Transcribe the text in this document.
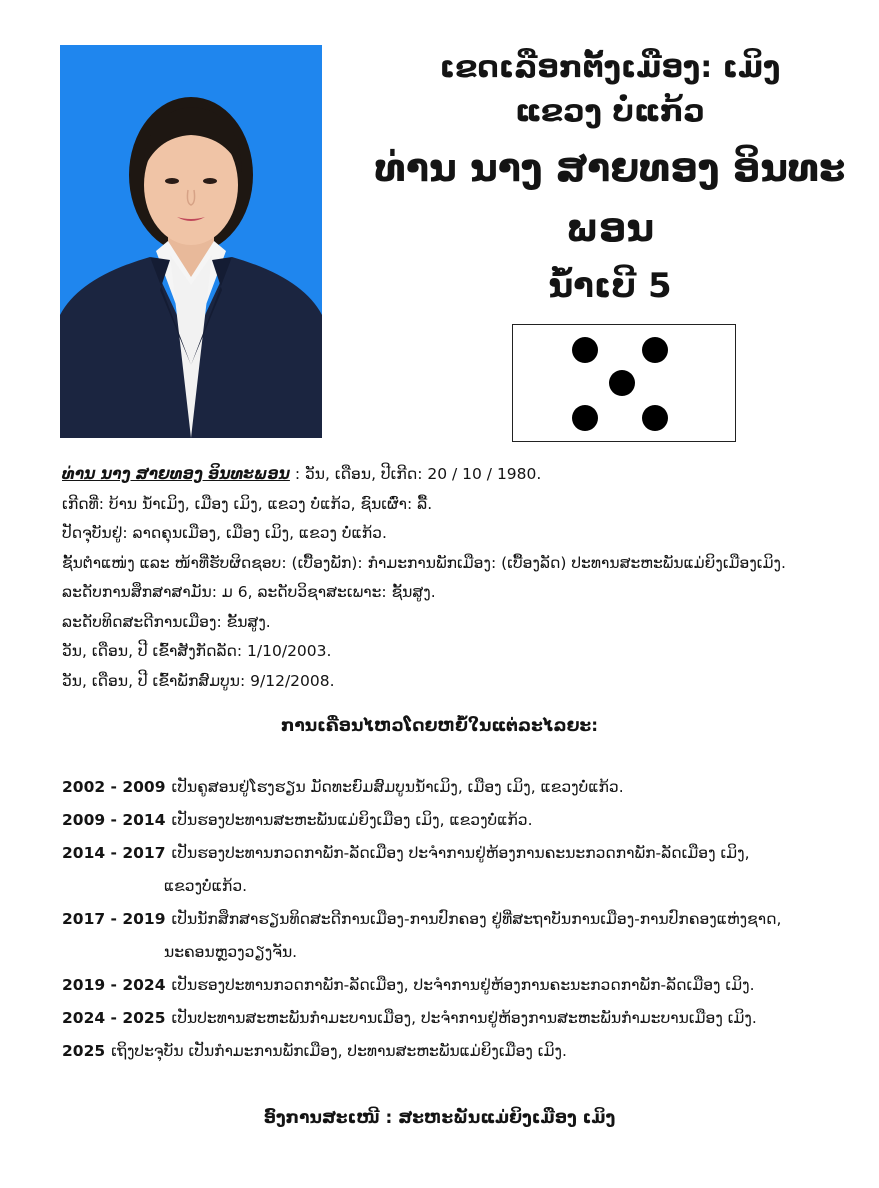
ເຂດເລືອກຕັ້ງເມືອງ: ເມິງ
ແຂວງ ບໍ່ແກ້ວ
ທ່ານ ນາງ ສາຍທອງ ອິນທະພອນ
ນໍ້າເບີ 5
ທ່ານ ນາງ ສາຍທອງ ອິນທະພອນ : ວັນ, ເດືອນ, ປີເກີດ: 20 / 10 / 1980.
ເກີດທີ່: ບ້ານ ນໍ້າເມິງ, ເມືອງ ເມິງ, ແຂວງ ບໍ່ແກ້ວ, ຊົນເຜົ່າ: ລື້.
ປັດຈຸບັນຢູ່: ລາດຄຸນເມືອງ, ເມືອງ ເມິງ, ແຂວງ ບໍ່ແກ້ວ.
ຊັ້ນຕຳແໜ່ງ ແລະ ໜ້າທີ່ຮັບຜິດຊອບ: (ເບື້ອງພັກ): ກຳມະການພັກເມືອງ: (ເບື້ອງລັດ) ປະທານສະຫະພັນແມ່ຍິງເມືອງເມິງ.
ລະດັບການສຶກສາສາມັນ: ມ 6, ລະດັບວິຊາສະເພາະ: ຊັ້ນສູງ.
ລະດັບທິດສະດີການເມືອງ: ຂັ້ນສູງ.
ວັນ, ເດືອນ, ປີ ເຂົ້າສັງກັດລັດ: 1/10/2003.
ວັນ, ເດືອນ, ປີ ເຂົ້າພັກສົມບູນ: 9/12/2008.
ການເຄື່ອນໄຫວໂດຍຫຍໍ້ໃນແຕ່ລະໄລຍະ:
2002 - 2009 ເປັນຄູສອນຢູ່ໂຮງຮຽນ ມັດທະຍົມສົມບູນນໍ້າເມິງ, ເມືອງ ເມິງ, ແຂວງບໍ່ແກ້ວ.
2009 - 2014 ເປັນຮອງປະທານສະຫະພັນແມ່ຍິງເມືອງ ເມິງ, ແຂວງບໍ່ແກ້ວ.
2014 - 2017 ເປັນຮອງປະທານກວດກາພັກ-ລັດເມືອງ ປະຈຳການຢູ່ຫ້ອງການຄະນະກວດກາພັກ-ລັດເມືອງ ເມິງ,
ແຂວງບໍ່ແກ້ວ.
2017 - 2019 ເປັນນັກສຶກສາຮຽນທິດສະດີການເມືອງ-ການປົກຄອງ ຢູ່ທີ່ສະຖາບັນການເມືອງ-ການປົກຄອງແຫ່ງຊາດ,
ນະຄອນຫຼວງວຽງຈັນ.
2019 - 2024 ເປັນຮອງປະທານກວດກາພັກ-ລັດເມືອງ, ປະຈຳການຢູ່ຫ້ອງການຄະນະກວດກາພັກ-ລັດເມືອງ ເມິງ.
2024 - 2025 ເປັນປະທານສະຫະພັນກຳມະບານເມືອງ, ປະຈຳການຢູ່ຫ້ອງການສະຫະພັນກຳມະບານເມືອງ ເມິງ.
2025 ເຖິງປະຈຸບັນ ເປັນກຳມະການພັກເມືອງ, ປະທານສະຫະພັນແມ່ຍິງເມືອງ ເມິງ.
ອົງການສະເໜີ : ສະຫະພັນແມ່ຍິງເມືອງ ເມິງ
